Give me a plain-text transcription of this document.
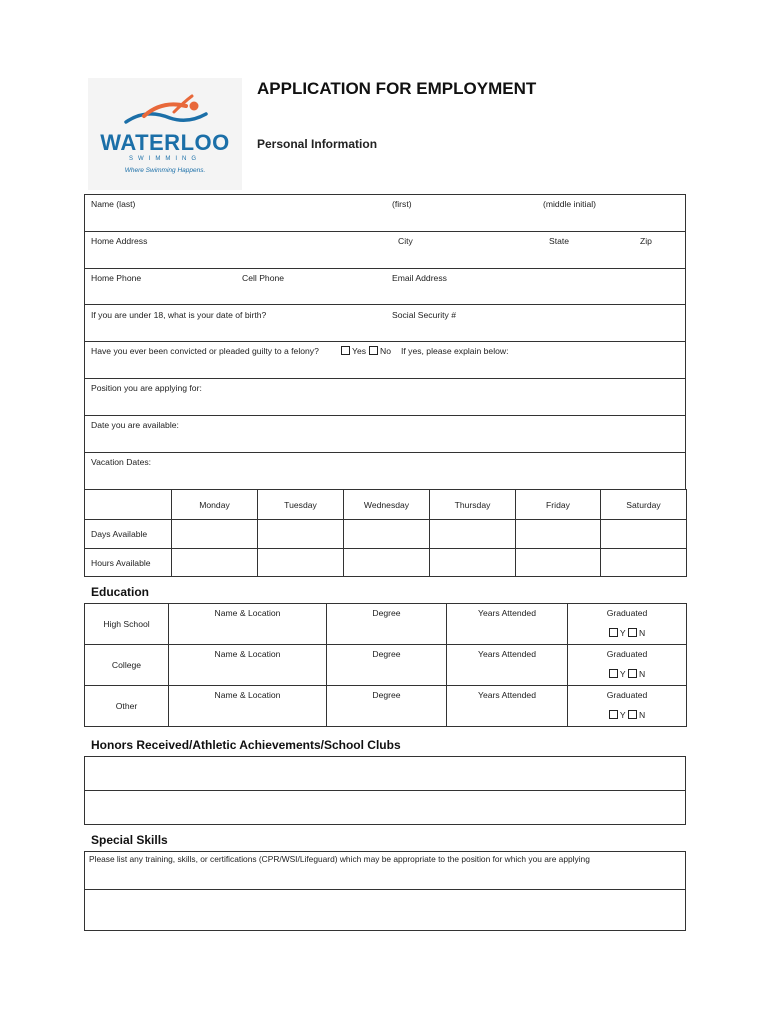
WATERLOO
SWIMMING
Where Swimming Happens.
APPLICATION FOR EMPLOYMENT
Personal Information
Name (last)	(first)	(middle initial)
Home Address	City	State	Zip
Home Phone	Cell Phone	Email Address
If you are under 18, what is your date of birth?	Social Security #
Have you ever been convicted or pleaded guilty to a felony?	Yes	No If yes, please explain below:
Position you are applying for:
Date you are available:
Vacation Dates:
	Monday	Tuesday	Wednesday	Thursday	Friday	Saturday
Days Available						
Hours Available						
Education
High School	Name & Location	Degree	Years Attended	Graduated
Y N

College	Name & Location	Degree	Years Attended	Graduated
Y N

Other	Name & Location	Degree	Years Attended	Graduated
Y N
Honors Received/Athletic Achievements/School Clubs

Special Skills
Please list any training, skills, or certifications (CPR/WSI/Lifeguard) which may be appropriate to the position for which you are applying
